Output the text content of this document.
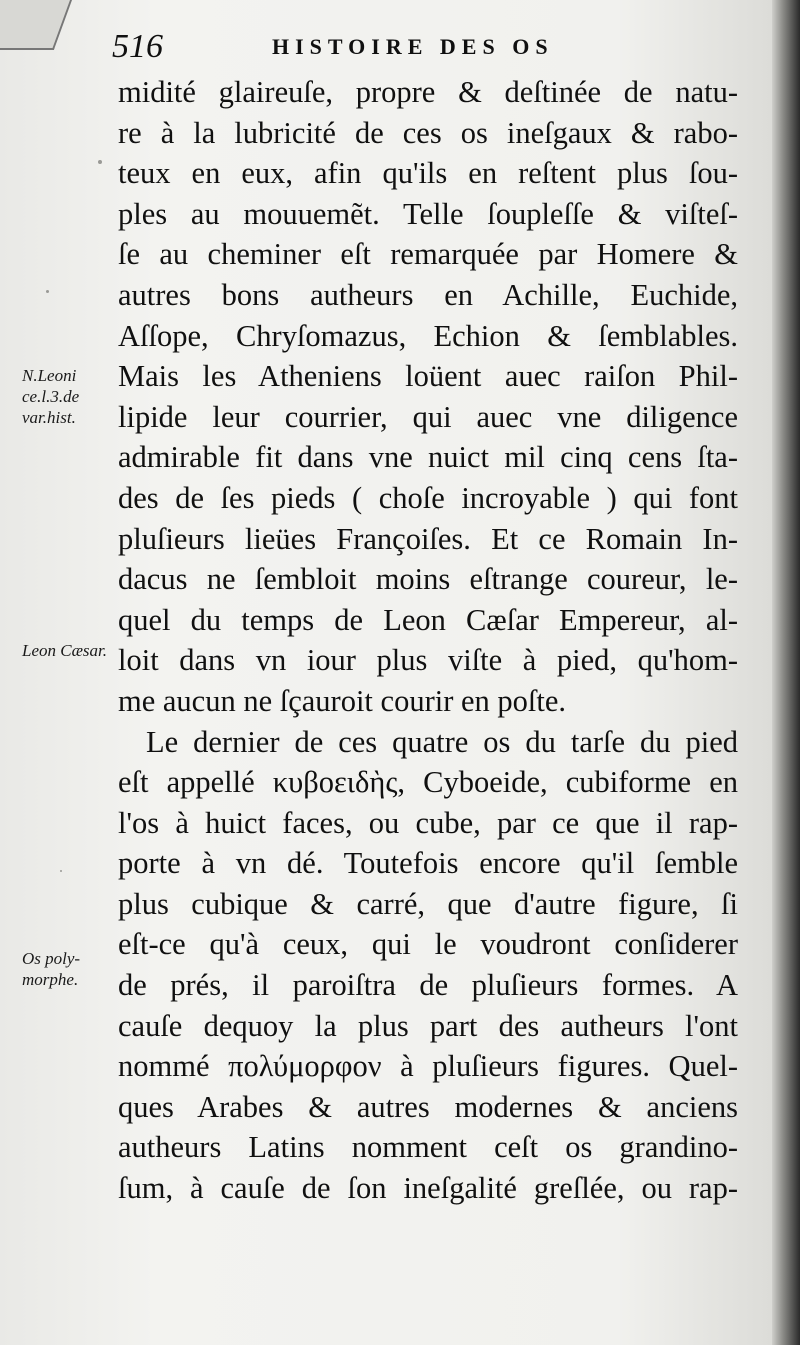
516	HISTOIRE DES OS
N.Leoni ce.l.3.de var.hist.
Leon Cæsar.
Os poly- morphe.
midité glaireuſe, propre & deſtinée de natu-
re à la lubricité de ces os ineſgaux & rabo-
teux en eux, afin qu'ils en reſtent plus ſou-
ples au mouuemẽt. Telle ſoupleſſe & viſteſ-
ſe au cheminer eſt remarquée par Homere &
autres bons autheurs en Achille, Euchide,
Aſſope, Chryſomazus, Echion & ſemblables.
Mais les Atheniens loüent auec raiſon Phil-
lipide leur courrier, qui auec vne diligence
admirable fit dans vne nuict mil cinq cens ſta-
des de ſes pieds ( choſe incroyable ) qui font
pluſieurs lieües Françoiſes. Et ce Romain In-
dacus ne ſembloit moins eſtrange coureur, le-
quel du temps de Leon Cæſar Empereur, al-
loit dans vn iour plus viſte à pied, qu'hom-
me aucun ne ſçauroit courir en poſte.
Le dernier de ces quatre os du tarſe du pied
eſt appellé κυβοειδὴς, Cyboeide, cubiforme en
l'os à huict faces, ou cube, par ce que il rap-
porte à vn dé. Toutefois encore qu'il ſemble
plus cubique & carré, que d'autre figure, ſi
eſt-ce qu'à ceux, qui le voudront conſiderer
de prés, il paroiſtra de pluſieurs formes. A
cauſe dequoy la plus part des autheurs l'ont
nommé πολύμορφον à pluſieurs figures. Quel-
ques Arabes & autres modernes & anciens
autheurs Latins nomment ceſt os grandino-
ſum, à cauſe de ſon ineſgalité greſlée, ou rap-
